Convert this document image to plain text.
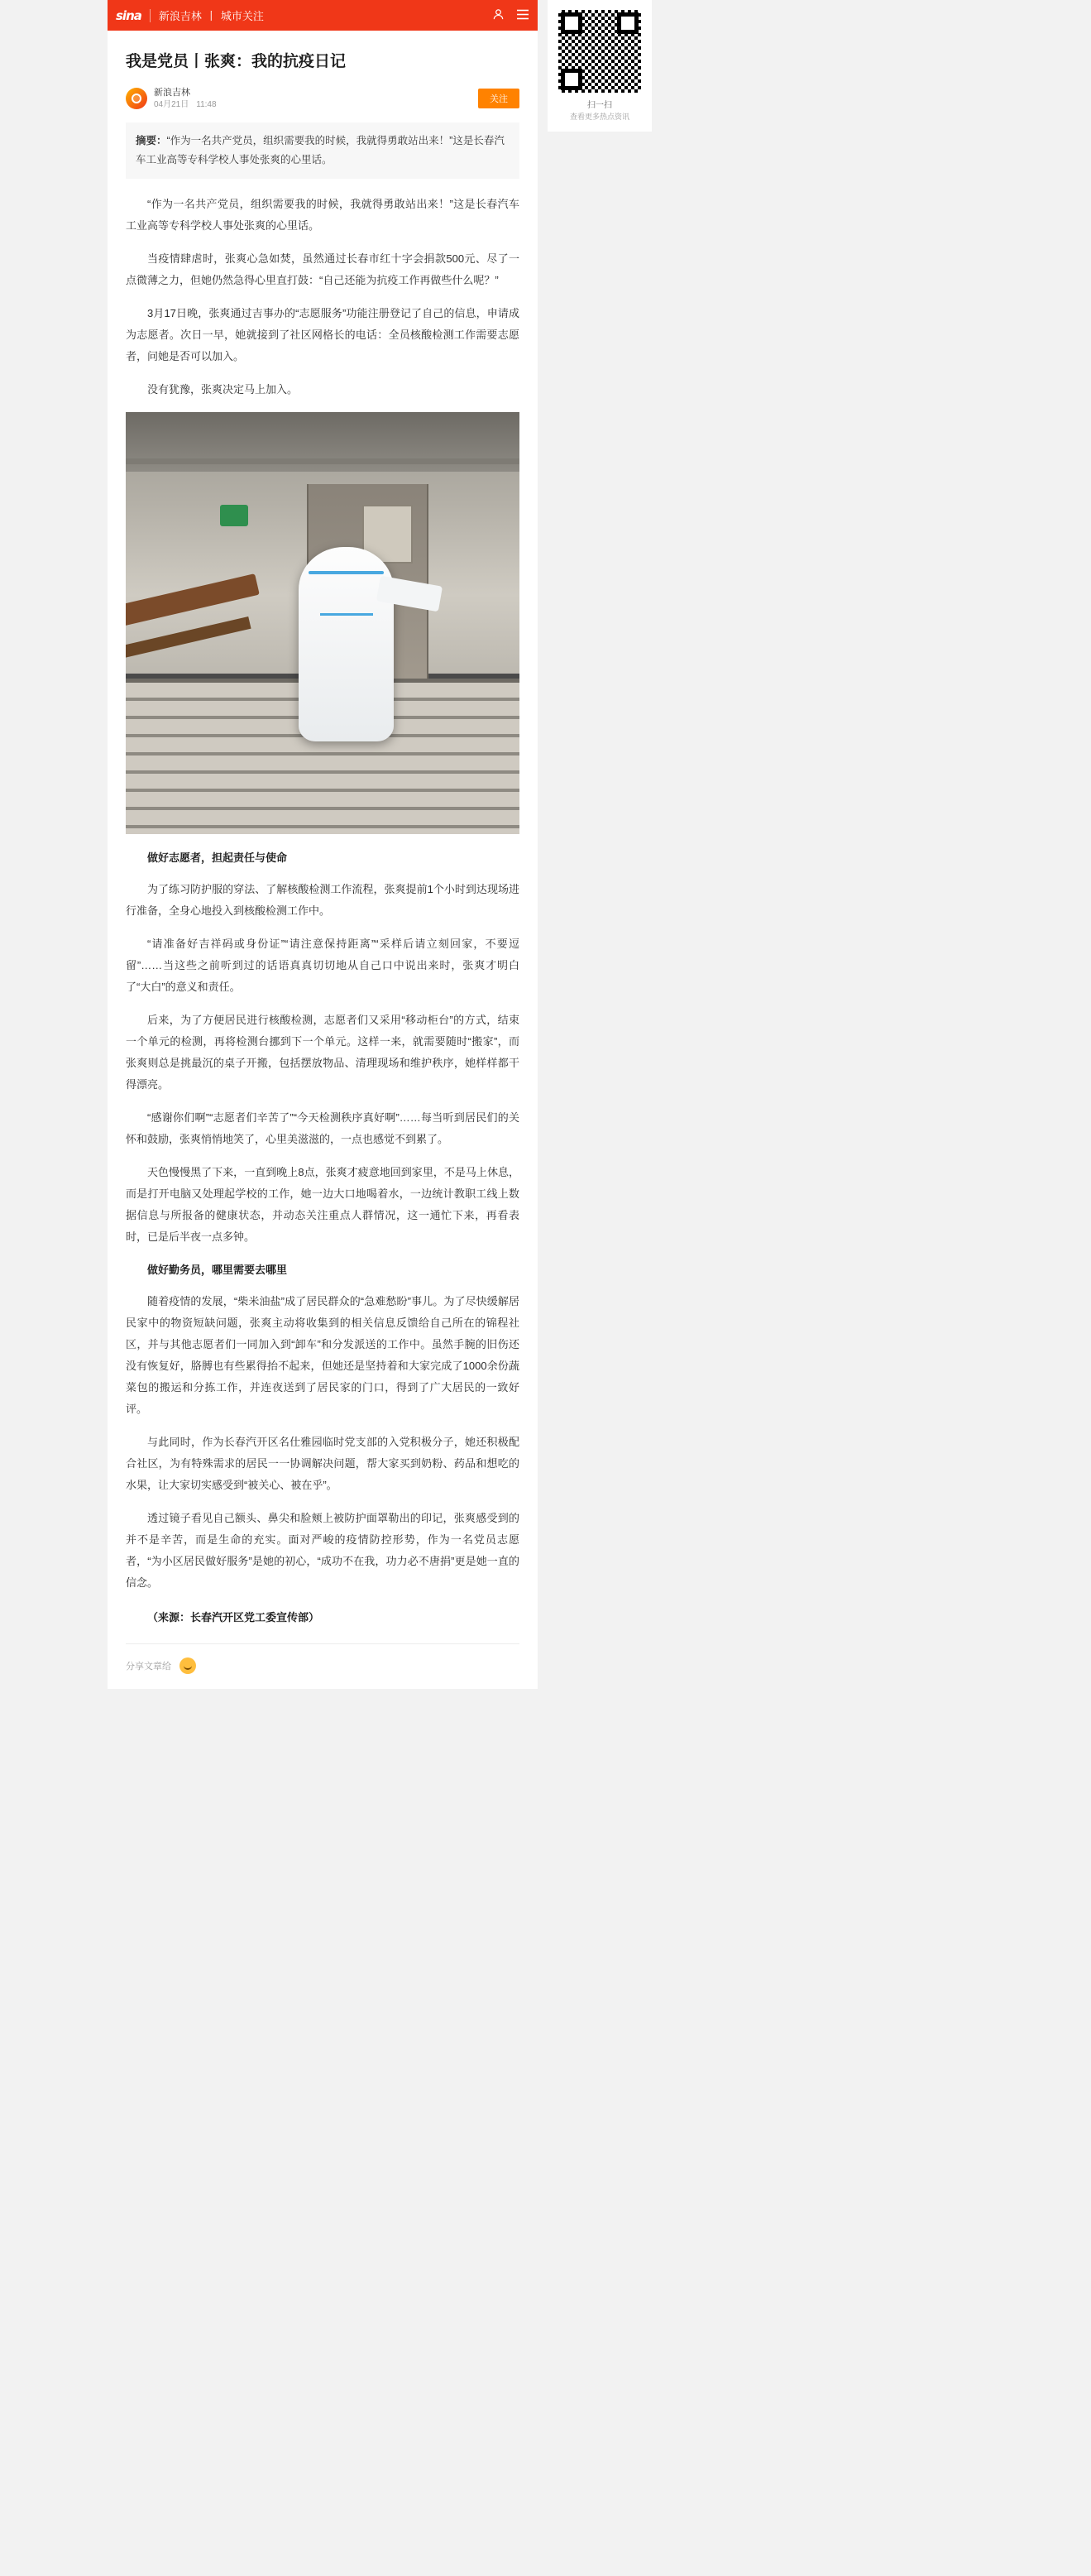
sina 新浪吉林 丨 城市关注
我是党员丨张爽：我的抗疫日记
新浪吉林
04月21日 11:48
关注
摘要：“作为一名共产党员，组织需要我的时候，我就得勇敢站出来！”这是长春汽车工业高等专科学校人事处张爽的心里话。

“作为一名共产党员，组织需要我的时候，我就得勇敢站出来！”这是长春汽车工业高等专科学校人事处张爽的心里话。

当疫情肆虐时，张爽心急如焚，虽然通过长春市红十字会捐款500元、尽了一点微薄之力，但她仍然急得心里直打鼓：“自己还能为抗疫工作再做些什么呢？”

3月17日晚，张爽通过吉事办的“志愿服务”功能注册登记了自己的信息，申请成为志愿者。次日一早，她就接到了社区网格长的电话：全员核酸检测工作需要志愿者，问她是否可以加入。

没有犹豫，张爽决定马上加入。

做好志愿者，担起责任与使命

为了练习防护服的穿法、了解核酸检测工作流程，张爽提前1个小时到达现场进行准备，全身心地投入到核酸检测工作中。

“请准备好吉祥码或身份证”“请注意保持距离”“采样后请立刻回家，不要逗留”……当这些之前听到过的话语真真切切地从自己口中说出来时，张爽才明白了“大白”的意义和责任。

后来，为了方便居民进行核酸检测，志愿者们又采用“移动柜台”的方式，结束一个单元的检测，再将检测台挪到下一个单元。这样一来，就需要随时“搬家”，而张爽则总是挑最沉的桌子开搬，包括摆放物品、清理现场和维护秩序，她样样都干得漂亮。

“感谢你们啊”“志愿者们辛苦了”“今天检测秩序真好啊”……每当听到居民们的关怀和鼓励，张爽悄悄地笑了，心里美滋滋的，一点也感觉不到累了。

天色慢慢黑了下来，一直到晚上8点，张爽才疲意地回到家里，不是马上休息，而是打开电脑又处理起学校的工作，她一边大口地喝着水，一边统计教职工线上数据信息与所报备的健康状态，并动态关注重点人群情况，这一通忙下来，再看表时，已是后半夜一点多钟。

做好勤务员，哪里需要去哪里

随着疫情的发展，“柴米油盐”成了居民群众的“急难愁盼”事儿。为了尽快缓解居民家中的物资短缺问题，张爽主动将收集到的相关信息反馈给自己所在的锦程社区，并与其他志愿者们一同加入到“卸车”和分发派送的工作中。虽然手腕的旧伤还没有恢复好，胳膊也有些累得抬不起来，但她还是坚持着和大家完成了1000余份蔬菜包的搬运和分拣工作，并连夜送到了居民家的门口，得到了广大居民的一致好评。

与此同时，作为长春汽开区名仕雅园临时党支部的入党积极分子，她还积极配合社区，为有特殊需求的居民一一协调解决问题，帮大家买到奶粉、药品和想吃的水果，让大家切实感受到“被关心、被在乎”。

透过镜子看见自己额头、鼻尖和脸颊上被防护面罩勒出的印记，张爽感受到的并不是辛苦，而是生命的充实。面对严峻的疫情防控形势，作为一名党员志愿者，“为小区居民做好服务”是她的初心，“成功不在我，功力必不唐捐”更是她一直的信念。

（来源：长春汽开区党工委宣传部）

分享文章给
扫一扫
查看更多热点资讯
